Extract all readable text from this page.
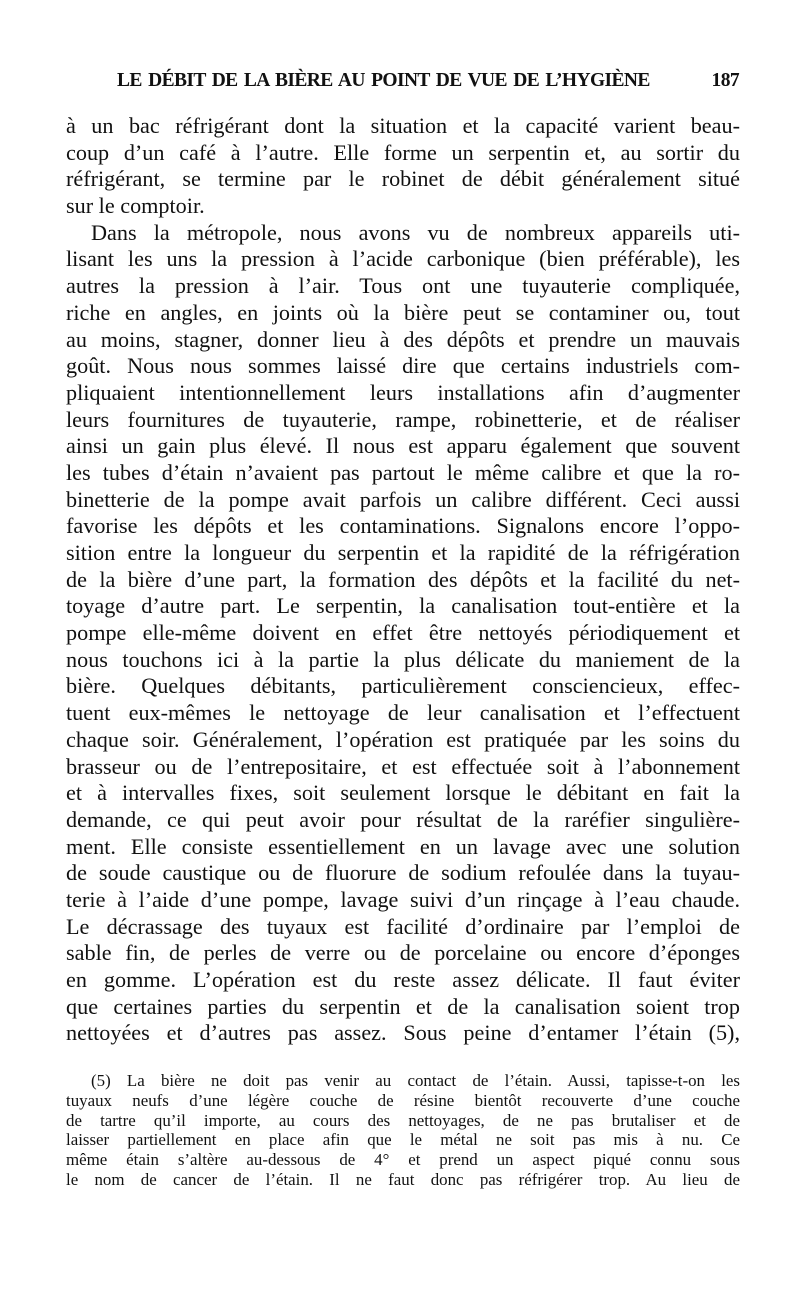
LE DÉBIT DE LA BIÈRE AU POINT DE VUE DE L’HYGIÈNE	187
à un bac réfrigérant dont la situation et la capacité varient beau-
coup d’un café à l’autre. Elle forme un serpentin et, au sortir du
réfrigérant, se termine par le robinet de débit généralement situé
sur le comptoir.
Dans la métropole, nous avons vu de nombreux appareils uti-
lisant les uns la pression à l’acide carbonique (bien préférable), les
autres la pression à l’air. Tous ont une tuyauterie compliquée,
riche en angles, en joints où la bière peut se contaminer ou, tout
au moins, stagner, donner lieu à des dépôts et prendre un mauvais
goût. Nous nous sommes laissé dire que certains industriels com-
pliquaient intentionnellement leurs installations afin d’augmenter
leurs fournitures de tuyauterie, rampe, robinetterie, et de réaliser
ainsi un gain plus élevé. Il nous est apparu également que souvent
les tubes d’étain n’avaient pas partout le même calibre et que la ro-
binetterie de la pompe avait parfois un calibre différent. Ceci aussi
favorise les dépôts et les contaminations. Signalons encore l’oppo-
sition entre la longueur du serpentin et la rapidité de la réfrigération
de la bière d’une part, la formation des dépôts et la facilité du net-
toyage d’autre part. Le serpentin, la canalisation tout-entière et la
pompe elle-même doivent en effet être nettoyés périodiquement et
nous touchons ici à la partie la plus délicate du maniement de la
bière. Quelques débitants, particulièrement consciencieux, effec-
tuent eux-mêmes le nettoyage de leur canalisation et l’effectuent
chaque soir. Généralement, l’opération est pratiquée par les soins du
brasseur ou de l’entrepositaire, et est effectuée soit à l’abonnement
et à intervalles fixes, soit seulement lorsque le débitant en fait la
demande, ce qui peut avoir pour résultat de la raréfier singulière-
ment. Elle consiste essentiellement en un lavage avec une solution
de soude caustique ou de fluorure de sodium refoulée dans la tuyau-
terie à l’aide d’une pompe, lavage suivi d’un rinçage à l’eau chaude.
Le décrassage des tuyaux est facilité d’ordinaire par l’emploi de
sable fin, de perles de verre ou de porcelaine ou encore d’éponges
en gomme. L’opération est du reste assez délicate. Il faut éviter
que certaines parties du serpentin et de la canalisation soient trop
nettoyées et d’autres pas assez. Sous peine d’entamer l’étain (5),
(5) La bière ne doit pas venir au contact de l’étain. Aussi, tapisse-t-on les
tuyaux neufs d’une légère couche de résine bientôt recouverte d’une couche
de tartre qu’il importe, au cours des nettoyages, de ne pas brutaliser et de
laisser partiellement en place afin que le métal ne soit pas mis à nu. Ce
même étain s’altère au-dessous de 4° et prend un aspect piqué connu sous
le nom de cancer de l’étain. Il ne faut donc pas réfrigérer trop. Au lieu de
